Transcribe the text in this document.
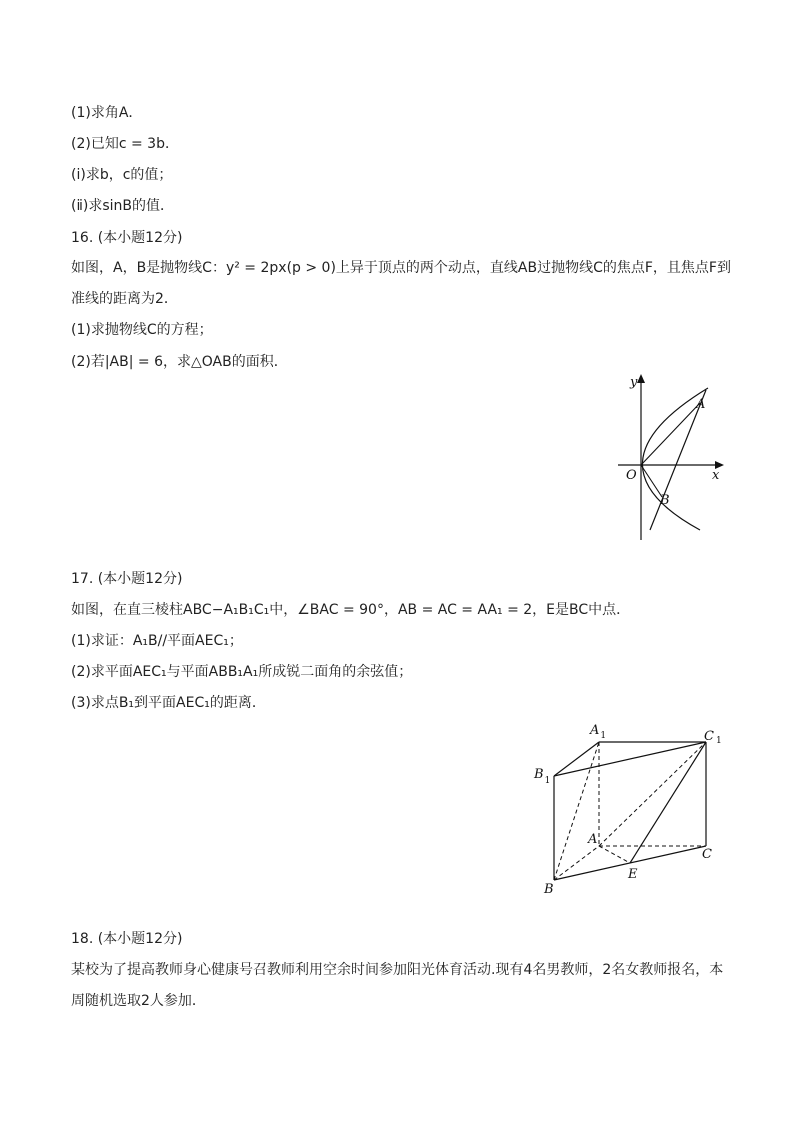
(1)求角A．
(2)已知c = 3b．
(ⅰ)求b，c的值；
(ⅱ)求sinB的值．
16. (本小题12分)
如图，A，B是抛物线C：y² = 2px(p > 0)上异于顶点的两个动点，直线AB过抛物线C的焦点F，且焦点F到
准线的距离为2．
(1)求抛物线C的方程；
(2)若|AB| = 6，求△OAB的面积．
y
x
O
A
B
17. (本小题12分)
如图，在直三棱柱ABC−A₁B₁C₁中，∠BAC = 90°，AB = AC = AA₁ = 2，E是BC中点．
(1)求证：A₁B//平面AEC₁；
(2)求平面AEC₁与平面ABB₁A₁所成锐二面角的余弦值；
(3)求点B₁到平面AEC₁的距离．
$A_1$	C $_1$
$B_1$
A
C
E
B
18. (本小题12分)
某校为了提高教师身心健康号召教师利用空余时间参加阳光体育活动.现有4名男教师，2名女教师报名，本
周随机选取2人参加．
